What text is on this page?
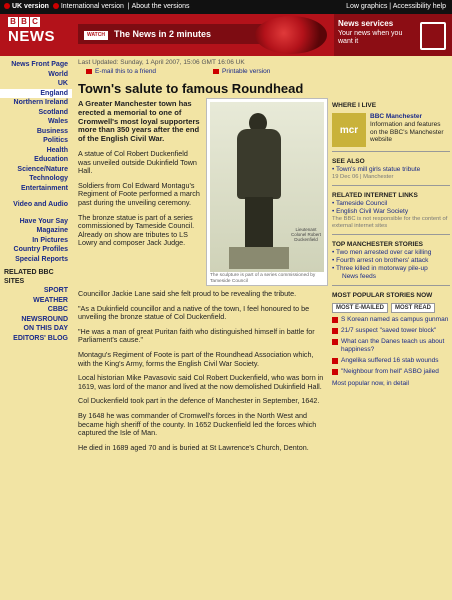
UK version International version  | About the versions	Low graphics | Accessibility help
B B C
NEWS	WATCH The News in 2 minutes
News services
Your news when you want it
News Front Page
World
UK
England
Northern Ireland
Scotland
Wales
Business
Politics
Health
Education
Science/Nature
Technology
Entertainment
Video and Audio
Have Your Say
Magazine
In Pictures
Country Profiles
Special Reports
RELATED BBC SITES
SPORT
WEATHER
CBBC NEWSROUND
ON THIS DAY
EDITORS' BLOG
Last Updated: Sunday, 1 April 2007, 15:06 GMT 16:06 UK
E-mail this to a friend	Printable version
Town's salute to famous Roundhead

A Greater Manchester town has erected a memorial to one of Cromwell's most loyal supporters more than 350 years after the end of the English Civil War.

A statue of Col Robert Duckenfield was unveiled outside Dukinfield Town Hall.

Soldiers from Col Edward Montagu's Regiment of Foote performed a march past during the unveiling ceremony.

The bronze statue is part of a series commissioned by Tameside Council. Already on show are tributes to LS Lowry and composer Jack Judge.

Lieutenant Colonel Robert Duckenfield
The sculpture is part of a series commissioned by Tameside Council

Councillor Jackie Lane said she felt proud to be revealing the tribute.

"As a Dukinfield councillor and a native of the town, I feel honoured to be unveiling the bronze statue of Col Duckenfield.

"He was a man of great Puritan faith who distinguished himself in battle for Parliament's cause."

Montagu's Regiment of Foote is part of the Roundhead Association which, with the King's Army, forms the English Civil War Society.

Local historian Mike Pavasovic said Col Robert Duckenfield, who was born in 1619, was lord of the manor and lived at the now demolished Dukinfield Hall.

Col Duckenfield took part in the defence of Manchester in September, 1642.

By 1648 he was commander of Cromwell's forces in the North West and became high sheriff of the county. In 1652 Duckenfield led the forces which captured the Isle of Man.

He died in 1689 aged 70 and is buried at St Lawrence's Church, Denton.

WHERE I LIVE
mcr
BBC Manchester
Information and features on the BBC's Manchester website
SEE ALSO
• Town's mill girls statue tribute
19 Dec 06 | Manchester
RELATED INTERNET LINKS
• Tameside Council
• English Civil War Society
The BBC is not responsible for the content of external internet sites
TOP MANCHESTER STORIES
• Two men arrested over car killing
• Fourth arrest on brothers' attack
• Three killed in motorway pile-up
News feeds
MOST POPULAR STORIES NOW
MOST E-MAILED	MOST READ
S Korean named as campus gunman
21/7 suspect "saved tower block"
What can the Danes teach us about happiness?
Angelika suffered 16 stab wounds
"Neighbour from hell" ASBO jailed
Most popular now, in detail
